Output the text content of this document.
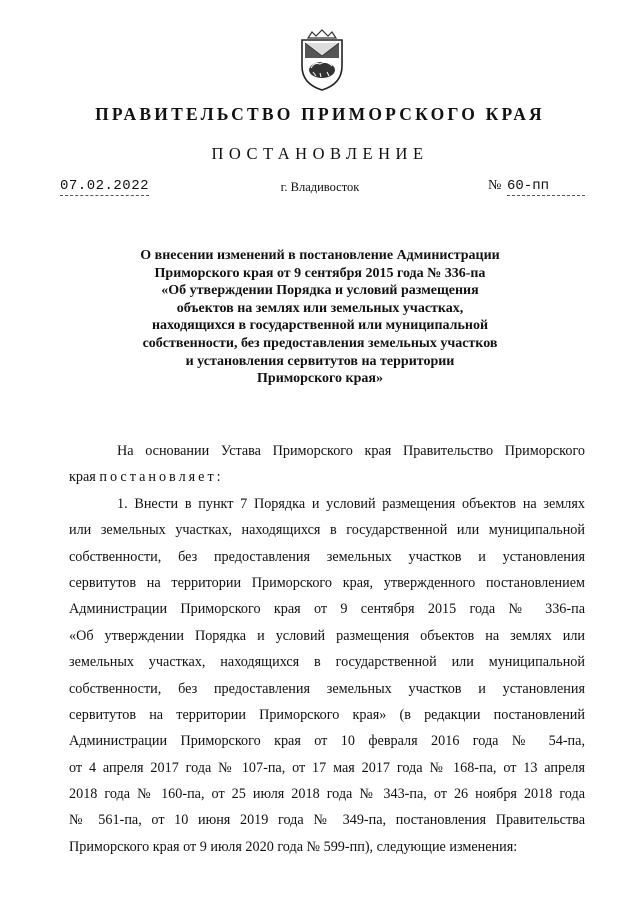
ПРАВИТЕЛЬСТВО ПРИМОРСКОГО КРАЯ
ПОСТАНОВЛЕНИЕ
07.02.2022	г. Владивосток	№ 60-пп
О внесении изменений в постановление Администрации
Приморского края от 9 сентября 2015 года № 336-па
«Об утверждении Порядка и условий размещения
объектов на землях или земельных участках,
находящихся в государственной или муниципальной
собственности, без предоставления земельных участков
и установления сервитутов на территории
Приморского края»
На основании Устава Приморского края Правительство Приморского
края постановляет:
1. Внести в пункт 7 Порядка и условий размещения объектов на землях
или земельных участках, находящихся в государственной или муниципальной
собственности, без предоставления земельных участков и установления
сервитутов на территории Приморского края, утвержденного постановлением
Администрации Приморского края от 9 сентября 2015 года № 336-па
«Об утверждении Порядка и условий размещения объектов на землях или
земельных участках, находящихся в государственной или муниципальной
собственности, без предоставления земельных участков и установления
сервитутов на территории Приморского края» (в редакции постановлений
Администрации Приморского края от 10 февраля 2016 года № 54-па,
от 4 апреля 2017 года № 107-па, от 17 мая 2017 года № 168-па, от 13 апреля
2018 года № 160-па, от 25 июля 2018 года № 343-па, от 26 ноября 2018 года
№ 561-па, от 10 июня 2019 года № 349-па, постановления Правительства
Приморского края от 9 июля 2020 года № 599-пп), следующие изменения:
